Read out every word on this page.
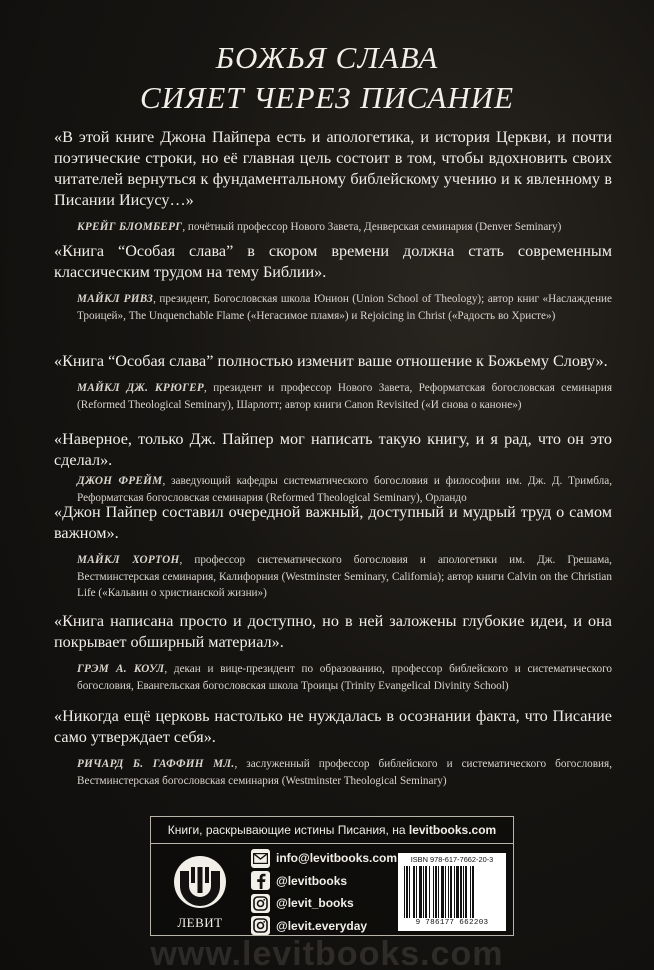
БОЖЬЯ СЛАВА
СИЯЕТ ЧЕРЕЗ ПИСАНИЕ
«В этой книге Джона Пайпера есть и апологетика, и история Церкви, и почти поэтические строки, но её главная цель состоит в том, чтобы вдохновить своих читателей вернуться к фундаментальному библейскому учению и к явленному в Писании Иисусу…»
КРЕЙГ БЛОМБЕРГ, почётный профессор Нового Завета, Денверская семинария (Denver Seminary)
«Книга “Особая слава” в скором времени должна стать современным классическим трудом на тему Библии».
МАЙКЛ РИВЗ, президент, Богословская школа Юнион (Union School of Theology); автор книг «Наслаждение Троицей», The Unquenchable Flame («Негасимое пламя») и Rejoicing in Christ («Радость во Христе»)
«Книга “Особая слава” полностью изменит ваше отношение к Божьему Слову».
МАЙКЛ ДЖ. КРЮГЕР, президент и профессор Нового Завета, Реформатская богословская семинария (Reformed Theological Seminary), Шарлотт; автор книги Canon Revisited («И снова о каноне»)
«Наверное, только Дж. Пайпер мог написать такую книгу, и я рад, что он это сделал».
ДЖОН ФРЕЙМ, заведующий кафедры систематического богословия и философии им. Дж. Д. Тримбла, Реформатская богословская семинария (Reformed Theological Seminary), Орландо
«Джон Пайпер составил очередной важный, доступный и мудрый труд о самом важном».
МАЙКЛ ХОРТОН, профессор систематического богословия и апологетики им. Дж. Грешама, Вестминстерская семинария, Калифорния (Westminster Seminary, California); автор книги Calvin on the Christian Life («Кальвин о христианской жизни»)
«Книга написана просто и доступно, но в ней заложены глубокие идеи, и она покрывает обширный материал».
ГРЭМ А. КОУЛ, декан и вице-президент по образованию, профессор библейского и систематического богословия, Евангельская богословская школа Троицы (Trinity Evangelical Divinity School)
«Никогда ещё церковь настолько не нуждалась в осознании факта, что Писание само утверждает себя».
РИЧАРД Б. ГАФФИН МЛ., заслуженный профессор библейского и систематического богословия, Вестминстерская богословская семинария (Westminster Theological Seminary)
Книги, раскрывающие истины Писания, на levitbooks.com
ЛЕВИТ
info@levitbooks.com
@levitbooks
@levit_books
@levit.everyday
ISBN 978-617-7662-20-3
9 786177 662203
www.levitbooks.com
